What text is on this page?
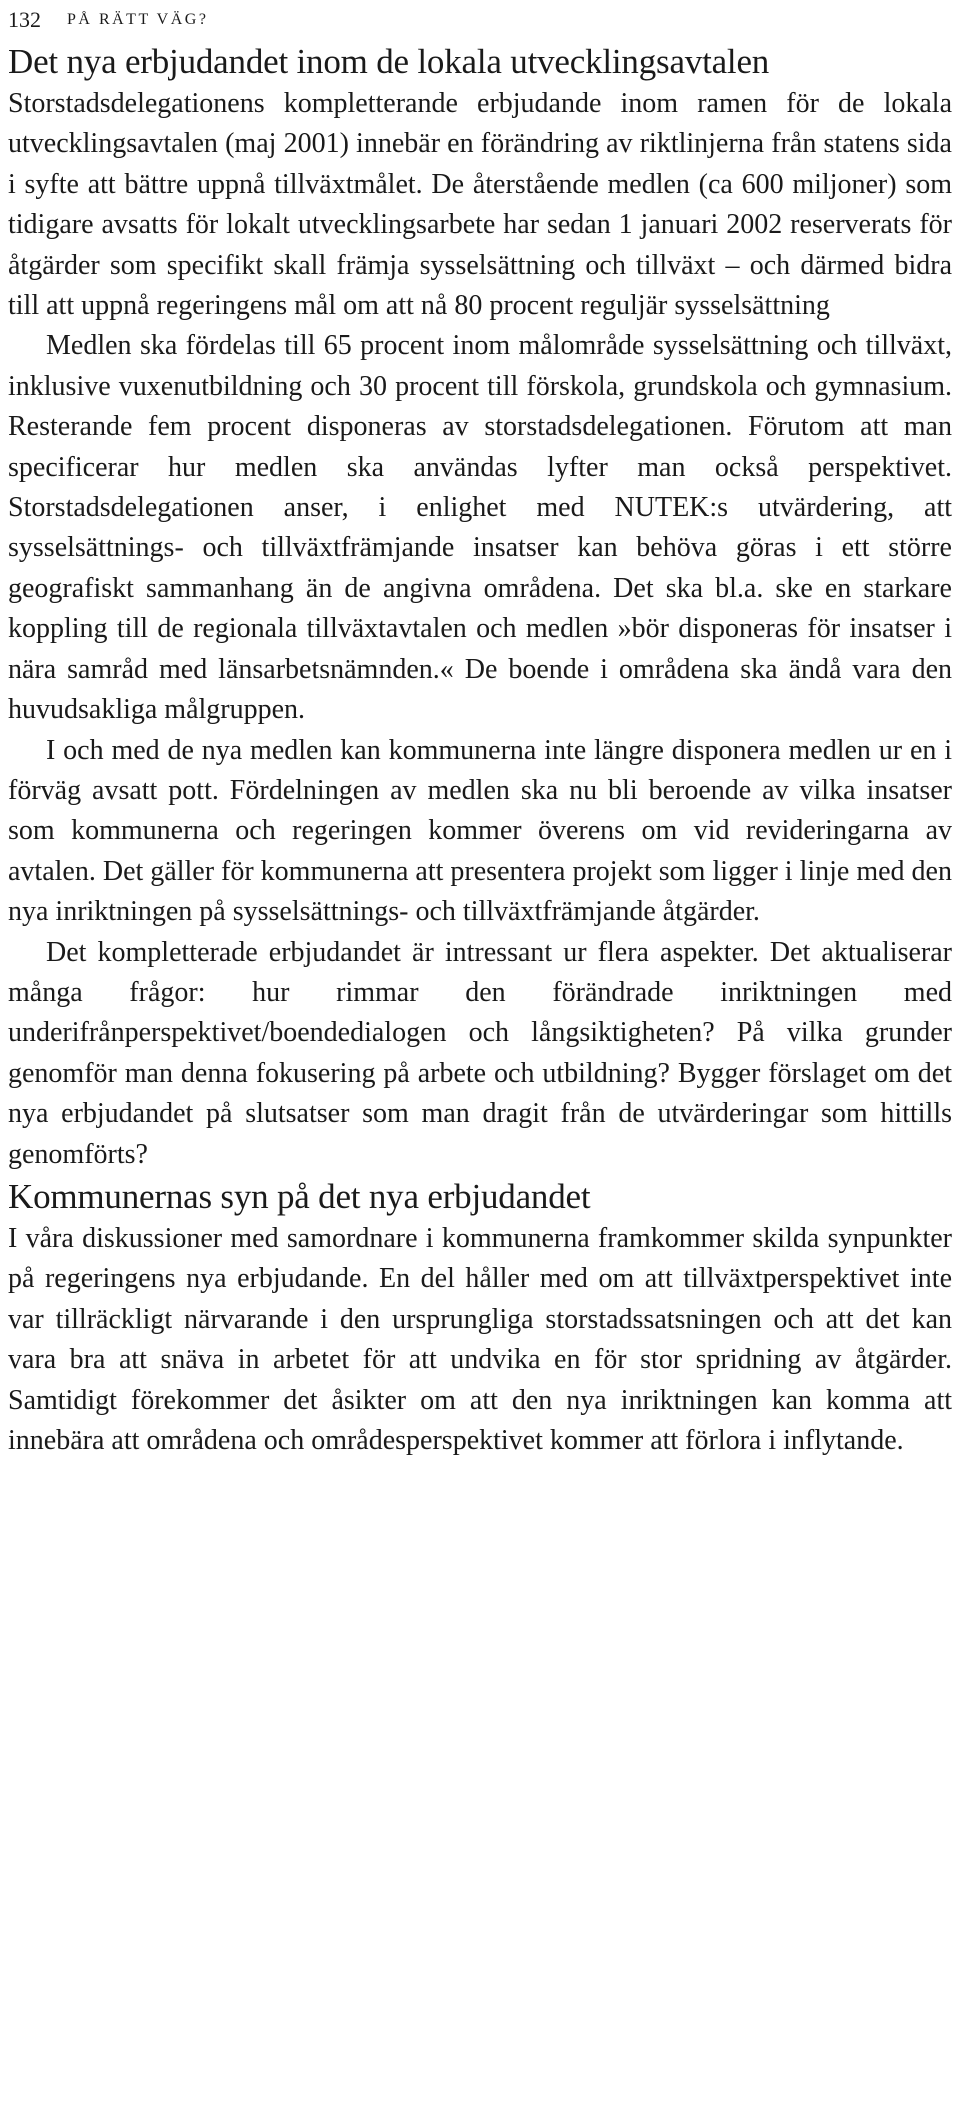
132 PÅ RÄTT VÄG?
Det nya erbjudandet inom de lokala utvecklingsavtalen

Storstadsdelegationens kompletterande erbjudande inom ramen för de lokala utvecklingsavtalen (maj 2001) innebär en förändring av riktlinjerna från statens sida i syfte att bättre uppnå tillväxtmålet. De återstående medlen (ca 600 miljoner) som tidigare avsatts för lokalt utvecklingsarbete har sedan 1 januari 2002 reserverats för åtgärder som specifikt skall främja sysselsättning och tillväxt – och därmed bidra till att uppnå regeringens mål om att nå 80 procent reguljär sysselsättning

Medlen ska fördelas till 65 procent inom målområde sysselsättning och tillväxt, inklusive vuxenutbildning och 30 procent till förskola, grundskola och gymnasium. Resterande fem procent disponeras av storstadsdelegationen. Förutom att man specificerar hur medlen ska användas lyfter man också perspektivet. Storstadsdelegationen anser, i enlighet med NUTEK:s utvärdering, att sysselsättnings- och tillväxtfrämjande insatser kan behöva göras i ett större geografiskt sammanhang än de angivna områdena. Det ska bl.a. ske en starkare koppling till de regionala tillväxtavtalen och medlen »bör disponeras för insatser i nära samråd med länsarbetsnämnden.« De boende i områdena ska ändå vara den huvudsakliga målgruppen.

I och med de nya medlen kan kommunerna inte längre disponera medlen ur en i förväg avsatt pott. Fördelningen av medlen ska nu bli beroende av vilka insatser som kommunerna och regeringen kommer överens om vid revideringarna av avtalen. Det gäller för kommunerna att presentera projekt som ligger i linje med den nya inriktningen på sysselsättnings- och tillväxtfrämjande åtgärder.

Det kompletterade erbjudandet är intressant ur flera aspekter. Det aktualiserar många frågor: hur rimmar den förändrade inriktningen med underifrånperspektivet/boendedialogen och långsiktigheten? På vilka grunder genomför man denna fokusering på arbete och utbildning? Bygger förslaget om det nya erbjudandet på slutsatser som man dragit från de utvärderingar som hittills genomförts?

Kommunernas syn på det nya erbjudandet

I våra diskussioner med samordnare i kommunerna framkommer skilda synpunkter på regeringens nya erbjudande. En del håller med om att tillväxtperspektivet inte var tillräckligt närvarande i den ursprungliga storstadssatsningen och att det kan vara bra att snäva in arbetet för att undvika en för stor spridning av åtgärder. Samtidigt förekommer det åsikter om att den nya inriktningen kan komma att innebära att områdena och områdesperspektivet kommer att förlora i inflytande.
